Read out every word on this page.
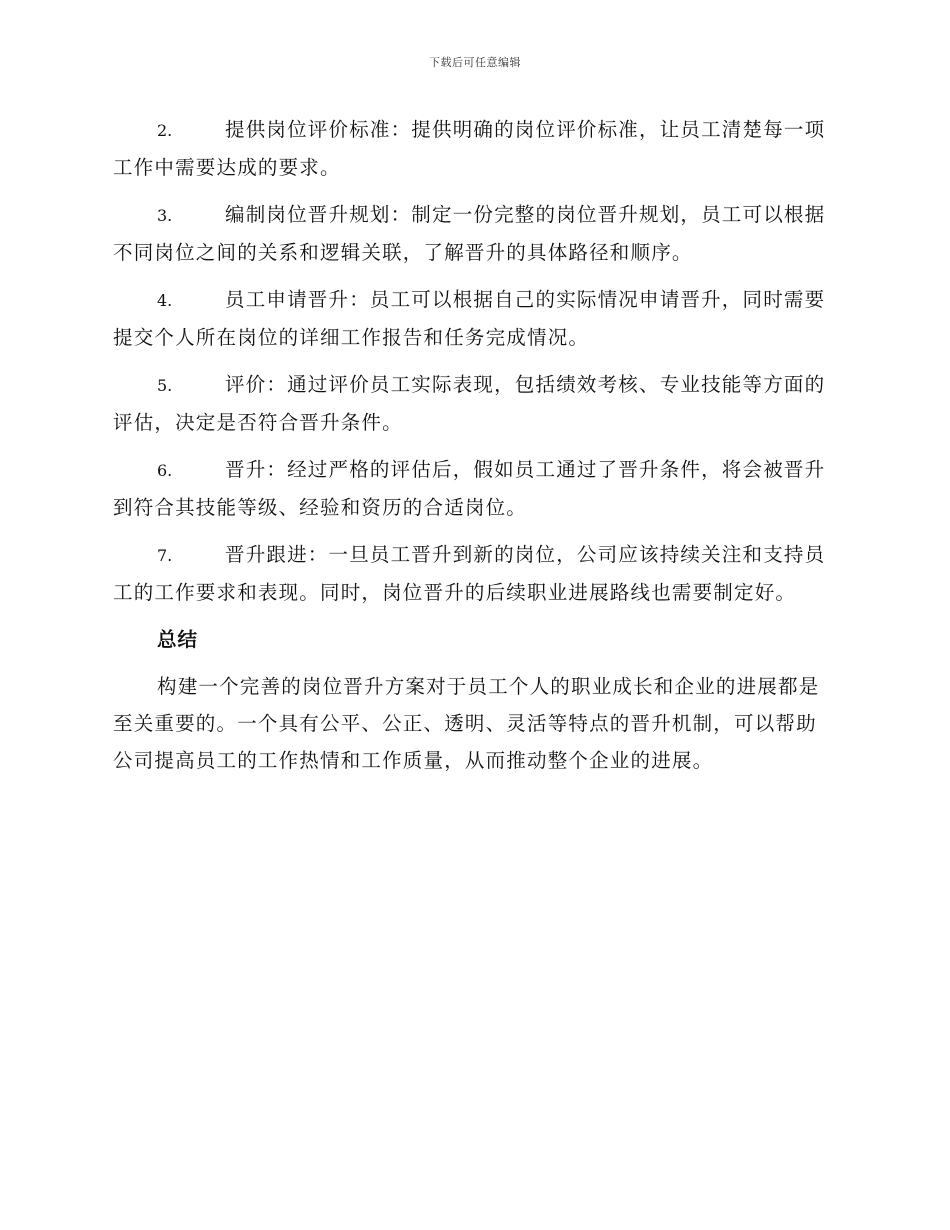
下载后可任意编辑

2.	提供岗位评价标准：提供明确的岗位评价标准，让员工清楚每一项工作中需要达成的要求。

3.	编制岗位晋升规划：制定一份完整的岗位晋升规划，员工可以根据不同岗位之间的关系和逻辑关联，了解晋升的具体路径和顺序。

4.	员工申请晋升：员工可以根据自己的实际情况申请晋升，同时需要提交个人所在岗位的详细工作报告和任务完成情况。

5.	评价：通过评价员工实际表现，包括绩效考核、专业技能等方面的评估，决定是否符合晋升条件。

6.	晋升：经过严格的评估后，假如员工通过了晋升条件，将会被晋升到符合其技能等级、经验和资历的合适岗位。

7.	晋升跟进：一旦员工晋升到新的岗位，公司应该持续关注和支持员工的工作要求和表现。同时，岗位晋升的后续职业进展路线也需要制定好。

总结

构建一个完善的岗位晋升方案对于员工个人的职业成长和企业的进展都是至关重要的。一个具有公平、公正、透明、灵活等特点的晋升机制，可以帮助公司提高员工的工作热情和工作质量，从而推动整个企业的进展。
